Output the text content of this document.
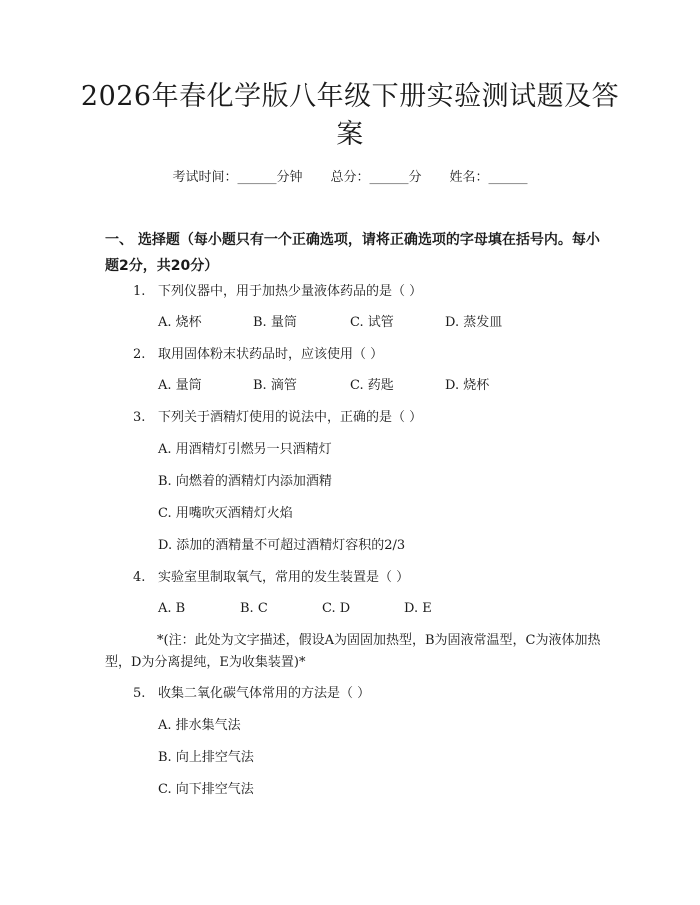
2026年春化学版八年级下册实验测试题及答案
考试时间：______分钟 总分：______分 姓名：______
一、 选择题（每小题只有一个正确选项，请将正确选项的字母填在括号内。每小题2分，共20分）
1. 下列仪器中，用于加热少量液体药品的是（ ）
A. 烧杯	B. 量筒	C. 试管	D. 蒸发皿
2. 取用固体粉末状药品时，应该使用（ ）
A. 量筒	B. 滴管	C. 药匙	D. 烧杯
3. 下列关于酒精灯使用的说法中，正确的是（ ）
A. 用酒精灯引燃另一只酒精灯
B. 向燃着的酒精灯内添加酒精
C. 用嘴吹灭酒精灯火焰
D. 添加的酒精量不可超过酒精灯容积的2/3
4. 实验室里制取氧气，常用的发生装置是（ ）
A. B	B. C	C. D	D. E
*(注：此处为文字描述，假设A为固固加热型，B为固液常温型，C为液体加热型，D为分离提纯，E为收集装置)*
5. 收集二氧化碳气体常用的方法是（ ）
A. 排水集气法
B. 向上排空气法
C. 向下排空气法
